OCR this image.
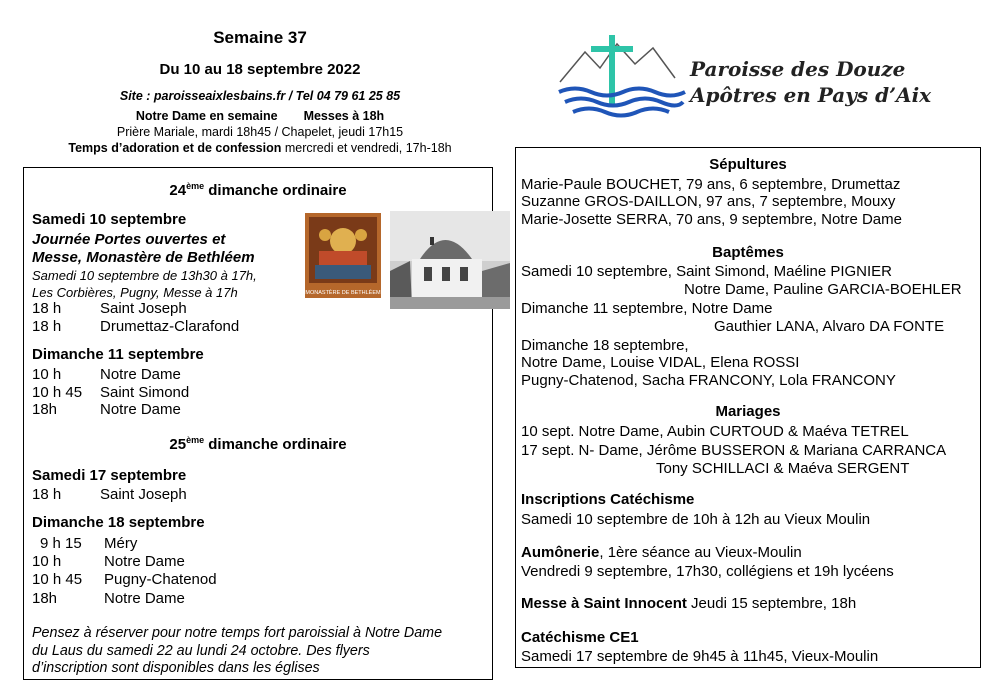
Semaine 37
Du 10 au 18 septembre 2022
Site : paroisseaixlesbains.fr / Tel 04 79 61 25 85
Notre Dame en semaine Messes à 18h
Prière Mariale, mardi 18h45 / Chapelet, jeudi 17h15
Temps d’adoration et de confession mercredi et vendredi, 17h-18h
Paroisse des Douze
Apôtres en Pays d’Aix
24ème dimanche ordinaire
Samedi 10 septembre
Journée Portes ouvertes et
Messe, Monastère de Bethléem
Samedi 10 septembre de 13h30 à 17h,
Les Corbières, Pugny, Messe à 17h
18 h	Saint Joseph
18 h	Drumettaz-Clarafond
MONASTÈRE DE BETHLÉEM
Dimanche 11 septembre
10 h	Notre Dame
10 h 45 Saint Simond
18h	Notre Dame
25ème dimanche ordinaire
Samedi 17 septembre
18 h	Saint Joseph
Dimanche 18 septembre
9 h 15 Méry
10 h	Notre Dame
10 h 45 Pugny-Chatenod
18h	Notre Dame
Pensez à réserver pour notre temps fort paroissial à Notre Dame
du Laus du samedi 22 au lundi 24 octobre. Des flyers
d’inscription sont disponibles dans les églises
Sépultures
Marie-Paule BOUCHET, 79 ans, 6 septembre, Drumettaz
Suzanne GROS-DAILLON, 97 ans, 7 septembre, Mouxy
Marie-Josette SERRA, 70 ans, 9 septembre, Notre Dame
Baptêmes
Samedi 10 septembre, Saint Simond, Maéline PIGNIER
Notre Dame, Pauline GARCIA-BOEHLER
Dimanche 11 septembre, Notre Dame
Gauthier LANA, Alvaro DA FONTE
Dimanche 18 septembre,
Notre Dame, Louise VIDAL, Elena ROSSI
Pugny-Chatenod, Sacha FRANCONY, Lola FRANCONY
Mariages
10 sept. Notre Dame, Aubin CURTOUD & Maéva TETREL
17 sept. N- Dame, Jérôme BUSSERON & Mariana CARRANCA
Tony SCHILLACI & Maéva SERGENT
Inscriptions Catéchisme
Samedi 10 septembre de 10h à 12h au Vieux Moulin
Aumônerie, 1ère séance au Vieux-Moulin
Vendredi 9 septembre, 17h30, collégiens et 19h lycéens
Messe à Saint Innocent Jeudi 15 septembre, 18h
Catéchisme CE1
Samedi 17 septembre de 9h45 à 11h45, Vieux-Moulin
